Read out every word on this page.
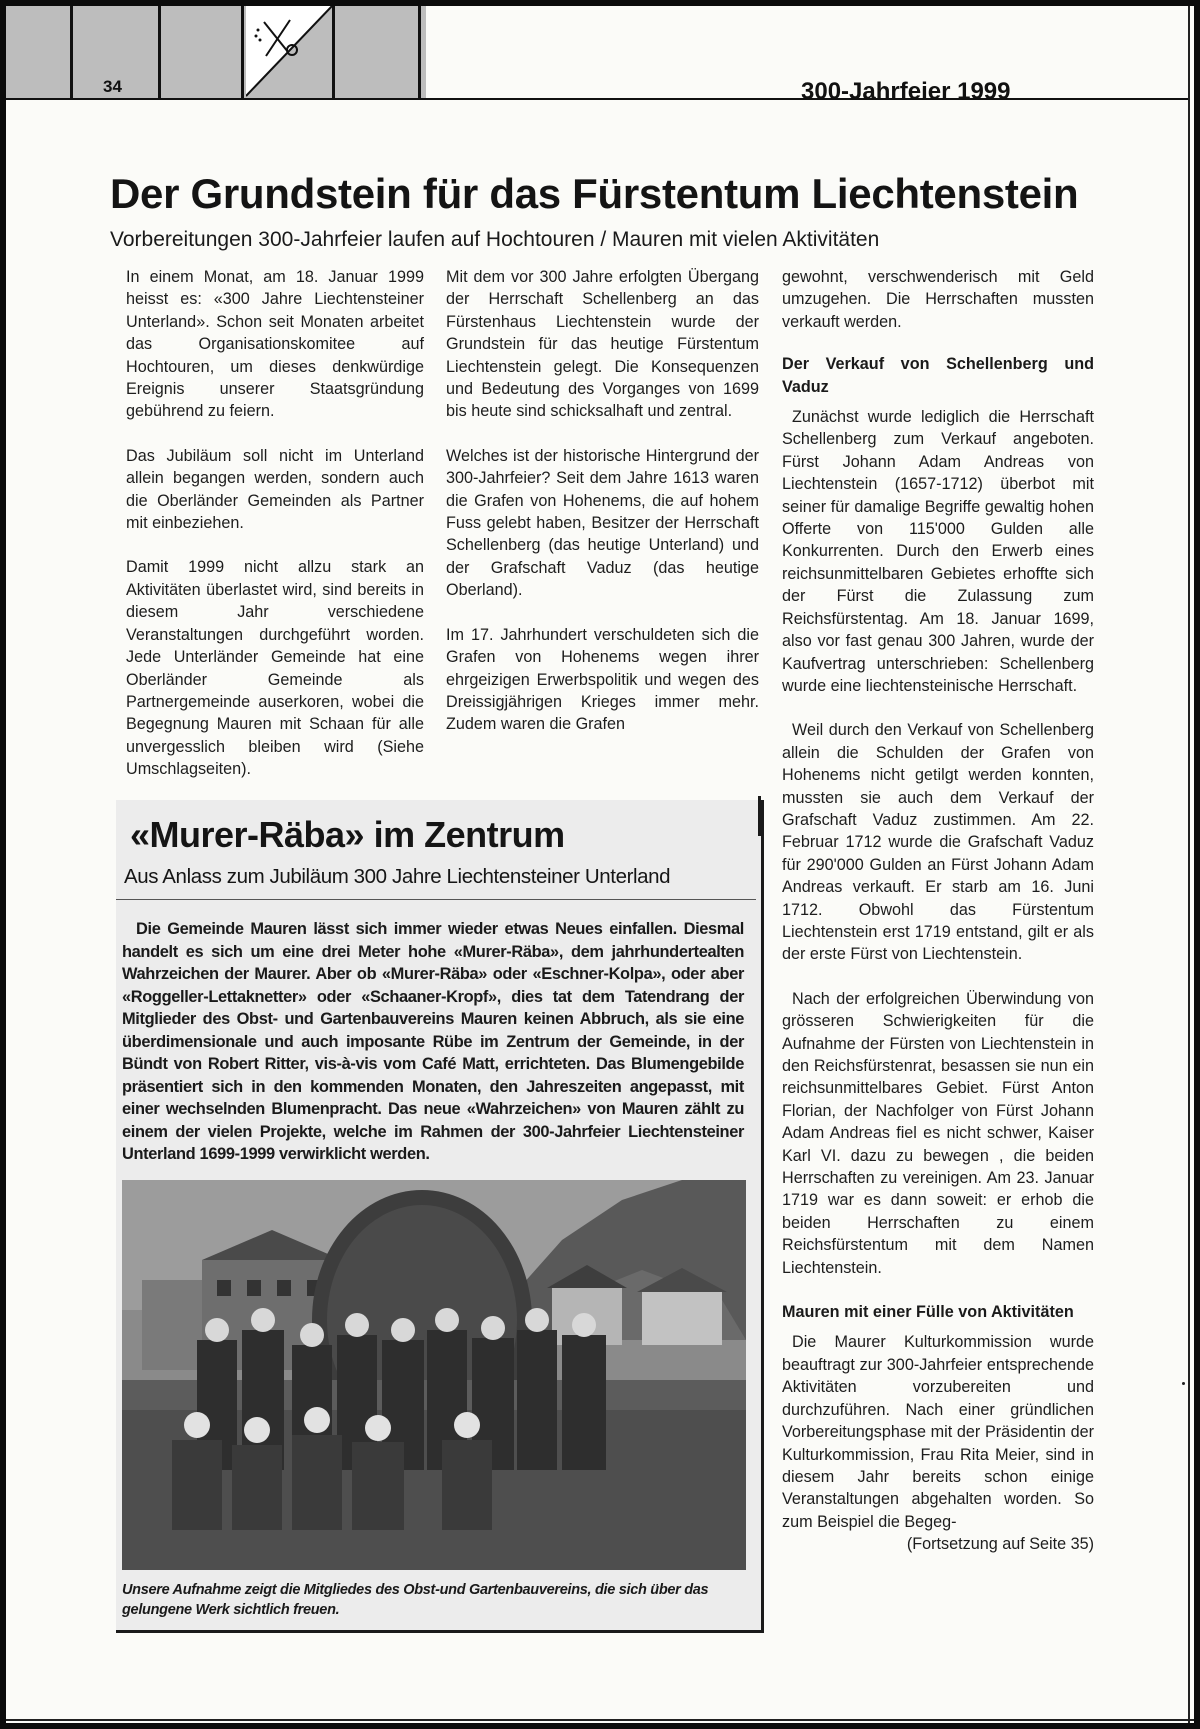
34	300-Jahrfeier 1999
Der Grundstein für das Fürstentum Liechtenstein
Vorbereitungen 300-Jahrfeier laufen auf Hochtouren / Mauren mit vielen Aktivitäten

In einem Monat, am 18. Januar 1999 heisst es: «300 Jahre Liechtensteiner Unterland». Schon seit Monaten arbeitet das Organisationskomitee auf Hochtouren, um dieses denkwürdige Ereignis unserer Staatsgründung gebührend zu feiern.

Das Jubiläum soll nicht im Unterland allein begangen werden, sondern auch die Oberländer Gemeinden als Partner mit einbeziehen.

Damit 1999 nicht allzu stark an Aktivitäten überlastet wird, sind bereits in diesem Jahr verschiedene Veranstaltungen durchgeführt worden. Jede Unterländer Gemeinde hat eine Oberländer Gemeinde als Partnergemeinde auserkoren, wobei die Begegnung Mauren mit Schaan für alle unvergesslich bleiben wird (Siehe Umschlagseiten).

Mit dem vor 300 Jahre erfolgten Übergang der Herrschaft Schellenberg an das Fürstenhaus Liechtenstein wurde der Grundstein für das heutige Fürstentum Liechtenstein gelegt. Die Konsequenzen und Bedeutung des Vorganges von 1699 bis heute sind schicksalhaft und zentral.

Welches ist der historische Hintergrund der 300-Jahrfeier? Seit dem Jahre 1613 waren die Grafen von Hohenems, die auf hohem Fuss gelebt haben, Besitzer der Herrschaft Schellenberg (das heutige Unterland) und der Grafschaft Vaduz (das heutige Oberland).

Im 17. Jahrhundert verschuldeten sich die Grafen von Hohenems wegen ihrer ehrgeizigen Erwerbspolitik und wegen des Dreissigjährigen Krieges immer mehr. Zudem waren die Grafen

gewohnt, verschwenderisch mit Geld umzugehen. Die Herrschaften mussten verkauft werden.

Der Verkauf von Schellenberg und Vaduz

Zunächst wurde lediglich die Herrschaft Schellenberg zum Verkauf angeboten. Fürst Johann Adam Andreas von Liechtenstein (1657-1712) überbot mit seiner für damalige Begriffe gewaltig hohen Offerte von 115'000 Gulden alle Konkurrenten. Durch den Erwerb eines reichsunmittelbaren Gebietes erhoffte sich der Fürst die Zulassung zum Reichsfürstentag. Am 18. Januar 1699, also vor fast genau 300 Jahren, wurde der Kaufvertrag unterschrieben: Schellenberg wurde eine liechtensteinische Herrschaft.

Weil durch den Verkauf von Schellenberg allein die Schulden der Grafen von Hohenems nicht getilgt werden konnten, mussten sie auch dem Verkauf der Grafschaft Vaduz zustimmen. Am 22. Februar 1712 wurde die Grafschaft Vaduz für 290'000 Gulden an Fürst Johann Adam Andreas verkauft. Er starb am 16. Juni 1712. Obwohl das Fürstentum Liechtenstein erst 1719 entstand, gilt er als der erste Fürst von Liechtenstein.

Nach der erfolgreichen Überwindung von grösseren Schwierigkeiten für die Aufnahme der Fürsten von Liechtenstein in den Reichsfürstenrat, besassen sie nun ein reichsunmittelbares Gebiet. Fürst Anton Florian, der Nachfolger von Fürst Johann Adam Andreas fiel es nicht schwer, Kaiser Karl VI. dazu zu bewegen , die beiden Herrschaften zu vereinigen. Am 23. Januar 1719 war es dann soweit: er erhob die beiden Herrschaften zu einem Reichsfürstentum mit dem Namen Liechtenstein.

Mauren mit einer Fülle von Aktivitäten

Die Maurer Kulturkommission wurde beauftragt zur 300-Jahrfeier entsprechende Aktivitäten vorzubereiten und durchzuführen. Nach einer gründlichen Vorbereitungsphase mit der Präsidentin der Kulturkommission, Frau Rita Meier, sind in diesem Jahr bereits schon einige Veranstaltungen abgehalten worden. So zum Beispiel die Begeg-

(Fortsetzung auf Seite 35)
«Murer-Räba» im Zentrum
Aus Anlass zum Jubiläum 300 Jahre Liechtensteiner Unterland

Die Gemeinde Mauren lässt sich immer wieder etwas Neues einfallen. Diesmal handelt es sich um eine drei Meter hohe «Murer-Räba», dem jahrhundertealten Wahrzeichen der Maurer. Aber ob «Murer-Räba» oder «Eschner-Kolpa», oder aber «Roggeller-Lettaknetter» oder «Schaaner-Kropf», dies tat dem Tatendrang der Mitglieder des Obst- und Gartenbauvereins Mauren keinen Abbruch, als sie eine überdimensionale und auch imposante Rübe im Zentrum der Gemeinde, in der Bündt von Robert Ritter, vis-à-vis vom Café Matt, errichteten. Das Blumengebilde präsentiert sich in den kommenden Monaten, den Jahreszeiten angepasst, mit einer wechselnden Blumenpracht. Das neue «Wahrzeichen» von Mauren zählt zu einem der vielen Projekte, welche im Rahmen der 300-Jahrfeier Liechtensteiner Unterland 1699-1999 verwirklicht werden.

Unsere Aufnahme zeigt die Mitgliedes des Obst-und Gartenbauvereins, die sich über das gelungene Werk sichtlich freuen.
